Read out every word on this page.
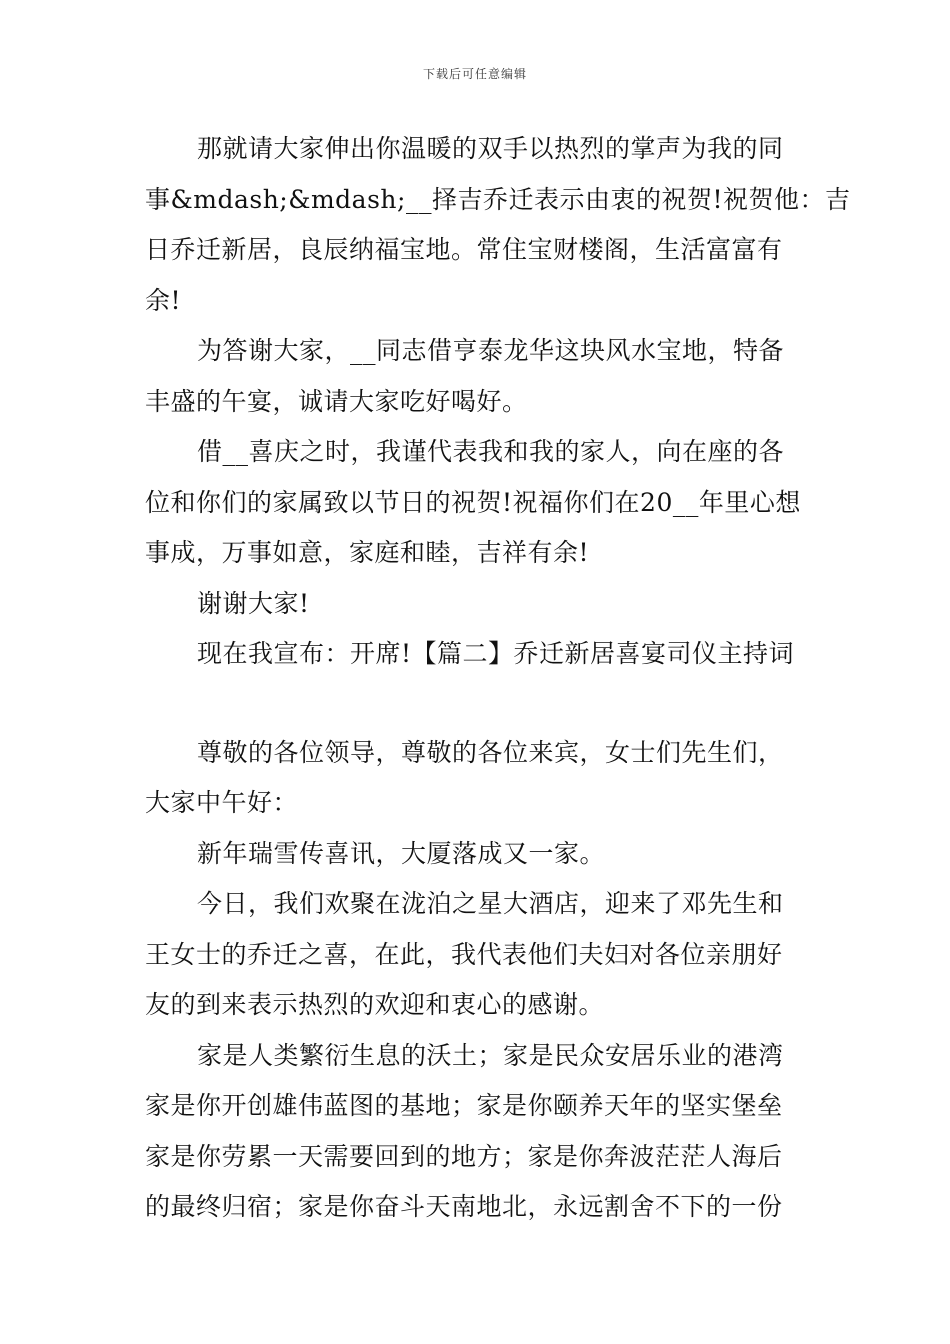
下载后可任意编辑
那就请大家伸出你温暖的双手以热烈的掌声为我的同
事&mdash;&mdash;__择吉乔迁表示由衷的祝贺!祝贺他：吉
日乔迁新居，良辰纳福宝地。常住宝财楼阁，生活富富有
余!
为答谢大家，__同志借亨泰龙华这块风水宝地，特备
丰盛的午宴，诚请大家吃好喝好。
借__喜庆之时，我谨代表我和我的家人，向在座的各
位和你们的家属致以节日的祝贺!祝福你们在20__年里心想
事成，万事如意，家庭和睦，吉祥有余!
谢谢大家!
现在我宣布：开席!【篇二】乔迁新居喜宴司仪主持词
尊敬的各位领导，尊敬的各位来宾，女士们先生们，
大家中午好：
新年瑞雪传喜讯，大厦落成又一家。
今日，我们欢聚在泷泊之星大酒店，迎来了邓先生和
王女士的乔迁之喜，在此，我代表他们夫妇对各位亲朋好
友的到来表示热烈的欢迎和衷心的感谢。
家是人类繁衍生息的沃土；家是民众安居乐业的港湾
家是你开创雄伟蓝图的基地；家是你颐养天年的坚实堡垒
家是你劳累一天需要回到的地方；家是你奔波茫茫人海后
的最终归宿；家是你奋斗天南地北，永远割舍不下的一份
